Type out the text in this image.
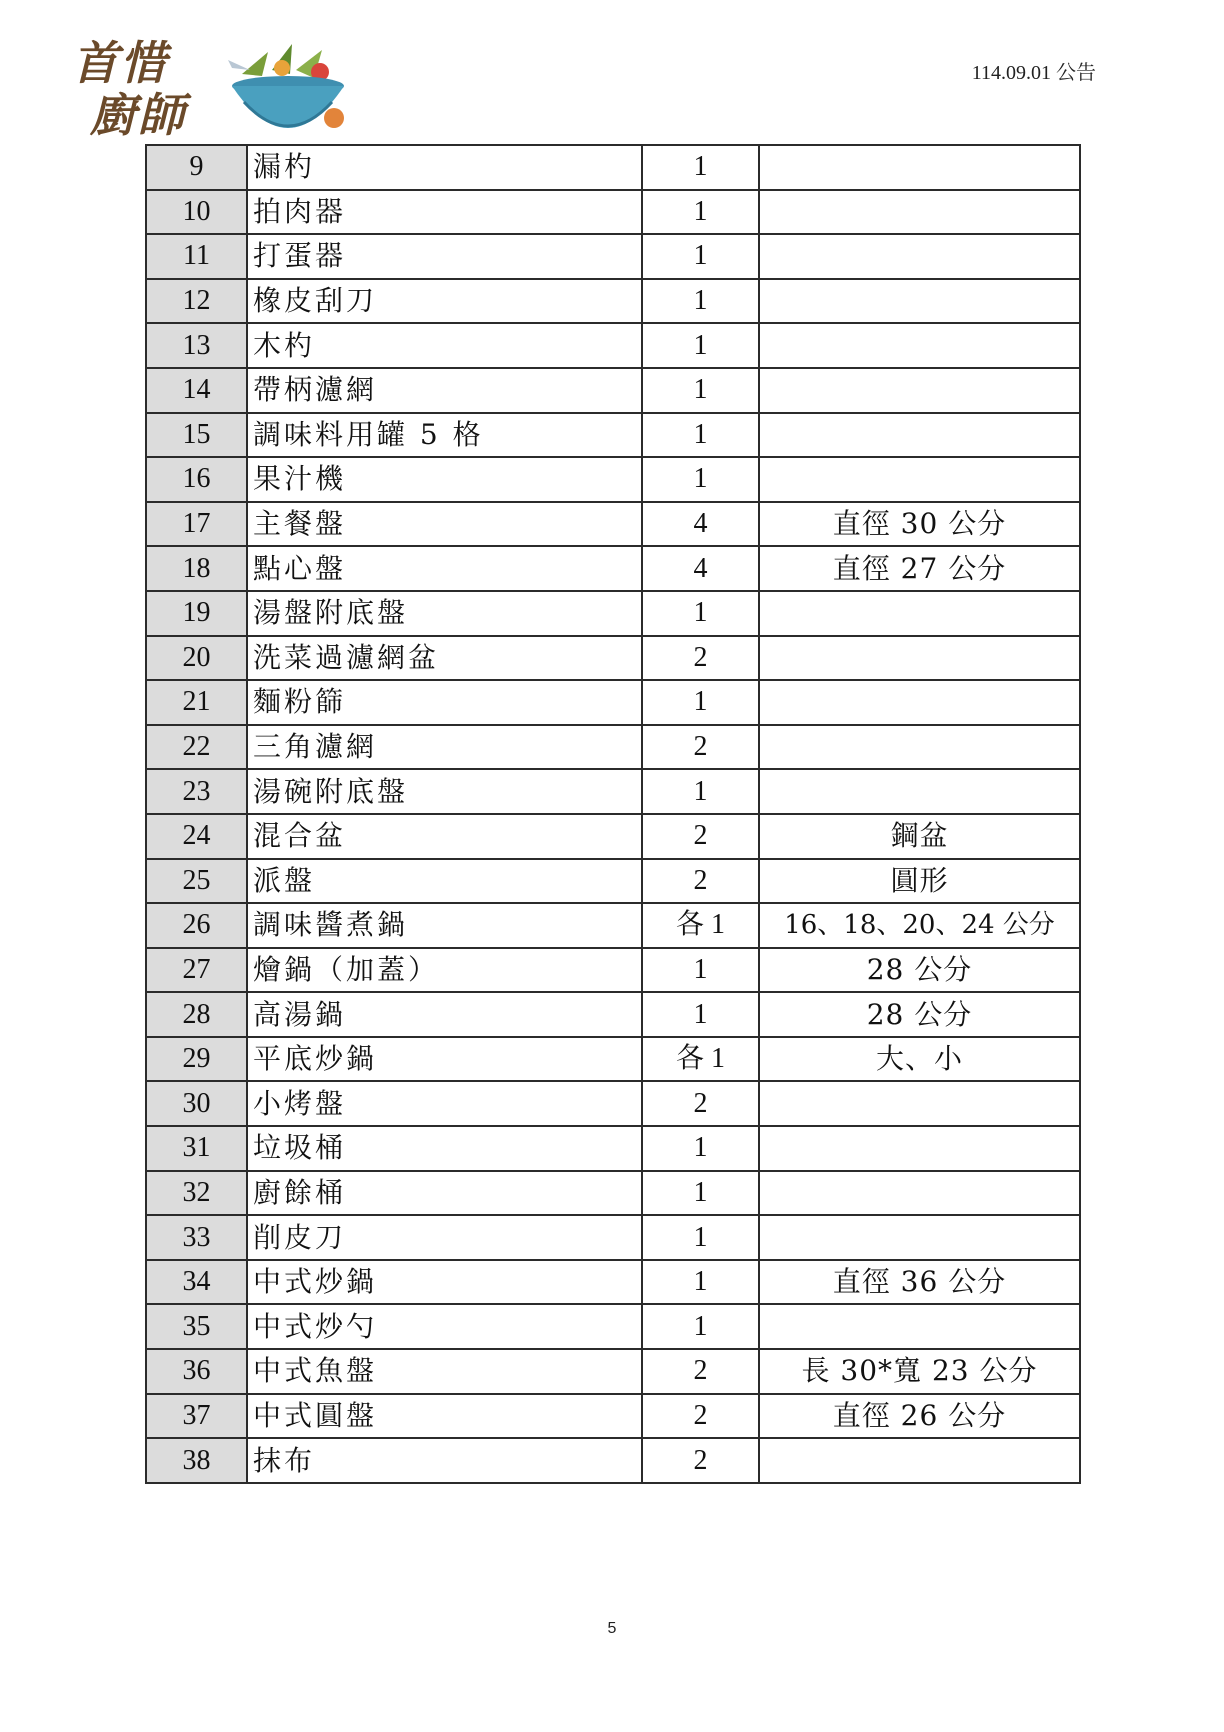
首惜
廚師
114.09.01 公告
9	漏杓	1	
10	拍肉器	1	
11	打蛋器	1	
12	橡皮刮刀	1	
13	木杓	1	
14	帶柄濾網	1	
15	調味料用罐 5 格	1	
16	果汁機	1	
17	主餐盤	4	直徑 30 公分
18	點心盤	4	直徑 27 公分
19	湯盤附底盤	1	
20	洗菜過濾網盆	2	
21	麵粉篩	1	
22	三角濾網	2	
23	湯碗附底盤	1	
24	混合盆	2	鋼盆
25	派盤	2	圓形
26	調味醬煮鍋	各 1	16、18、20、24 公分
27	燴鍋（加蓋）	1	28 公分
28	高湯鍋	1	28 公分
29	平底炒鍋	各 1	大、小
30	小烤盤	2	
31	垃圾桶	1	
32	廚餘桶	1	
33	削皮刀	1	
34	中式炒鍋	1	直徑 36 公分
35	中式炒勺	1	
36	中式魚盤	2	長 30*寬 23 公分
37	中式圓盤	2	直徑 26 公分
38	抹布	2	
5
